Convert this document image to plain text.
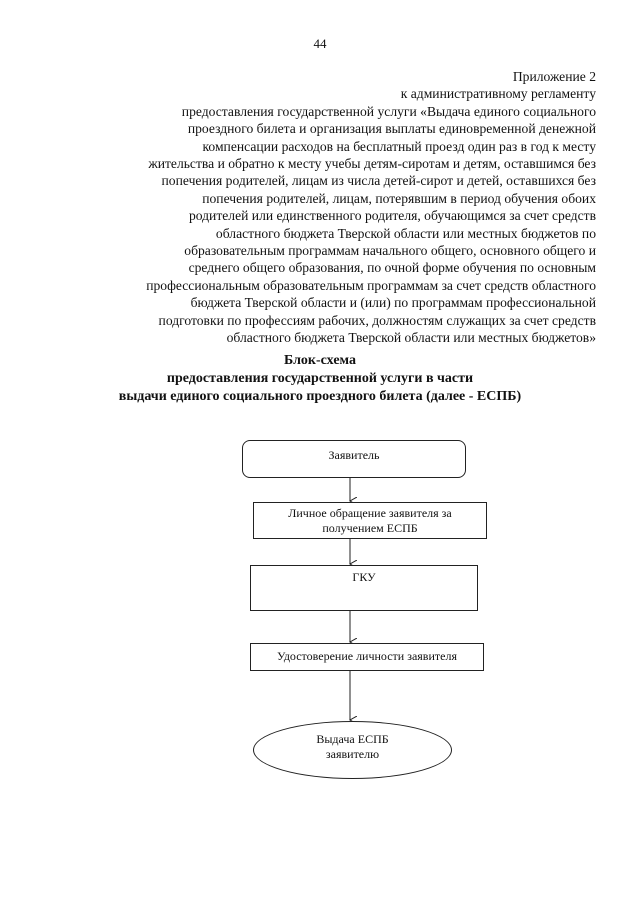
44
Приложение 2
к административному регламенту
предоставления государственной услуги «Выдача единого социального
проездного билета и организация выплаты единовременной денежной
компенсации расходов на бесплатный проезд один раз в год к месту
жительства и обратно к месту учебы детям-сиротам и детям, оставшимся без
попечения родителей, лицам из числа детей-сирот и детей, оставшихся без
попечения родителей, лицам, потерявшим в период обучения обоих
родителей или единственного родителя, обучающимся за счет средств
областного бюджета Тверской области или местных бюджетов по
образовательным программам начального общего, основного общего и
среднего общего образования, по очной форме обучения по основным
профессиональным образовательным программам за счет средств областного
бюджета Тверской области и (или) по программам профессиональной
подготовки по профессиям рабочих, должностям служащих за счет средств
областного бюджета Тверской области или местных бюджетов»
Блок-схема
предоставления государственной услуги в части
выдачи единого социального проездного билета (далее - ЕСПБ)
Заявитель
Личное обращение заявителя за
получением ЕСПБ
ГКУ
Удостоверение личности заявителя
Выдача ЕСПБ
заявителю
